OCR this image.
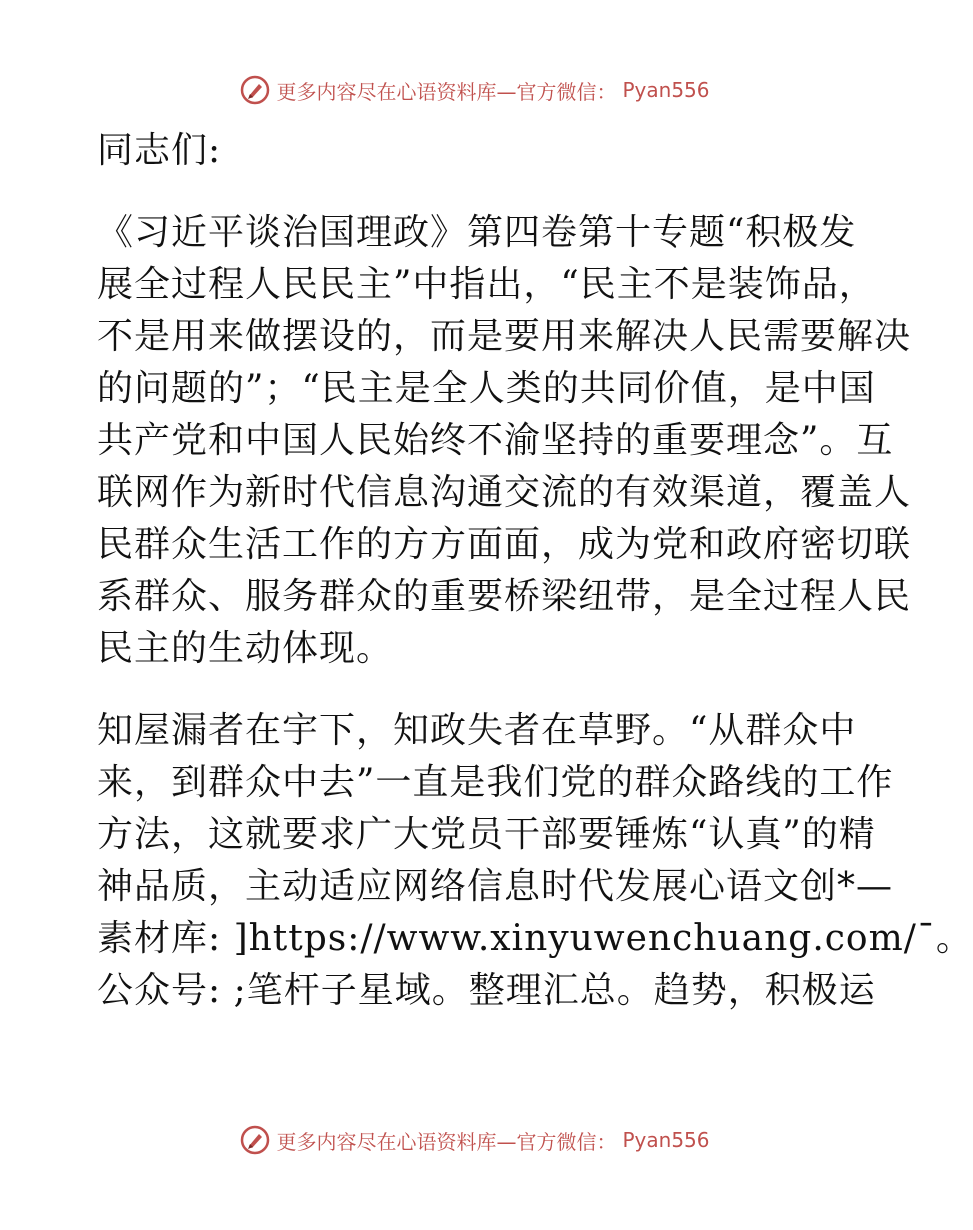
更多内容尽在心语资料库—官方微信： Pyan556
同志们:
《习近平谈治国理政》第四卷第十专题“积极发
展全过程人民民主”中指出，“民主不是装饰品，
不是用来做摆设的，而是要用来解决人民需要解决
的问题的”；“民主是全人类的共同价值，是中国
共产党和中国人民始终不渝坚持的重要理念”。互
联网作为新时代信息沟通交流的有效渠道，覆盖人
民群众生活工作的方方面面，成为党和政府密切联
系群众、服务群众的重要桥梁纽带，是全过程人民
民主的生动体现。
知屋漏者在宇下，知政失者在草野。“从群众中
来，到群众中去”一直是我们党的群众路线的工作
方法，这就要求广大党员干部要锤炼“认真”的精
神品质，主动适应网络信息时代发展心语文创*—
素材库: ]https://www.xinyuwenchuang.com/¯。
公众号: ;笔杆子星域。整理汇总。趋势，积极运
更多内容尽在心语资料库—官方微信： Pyan556
